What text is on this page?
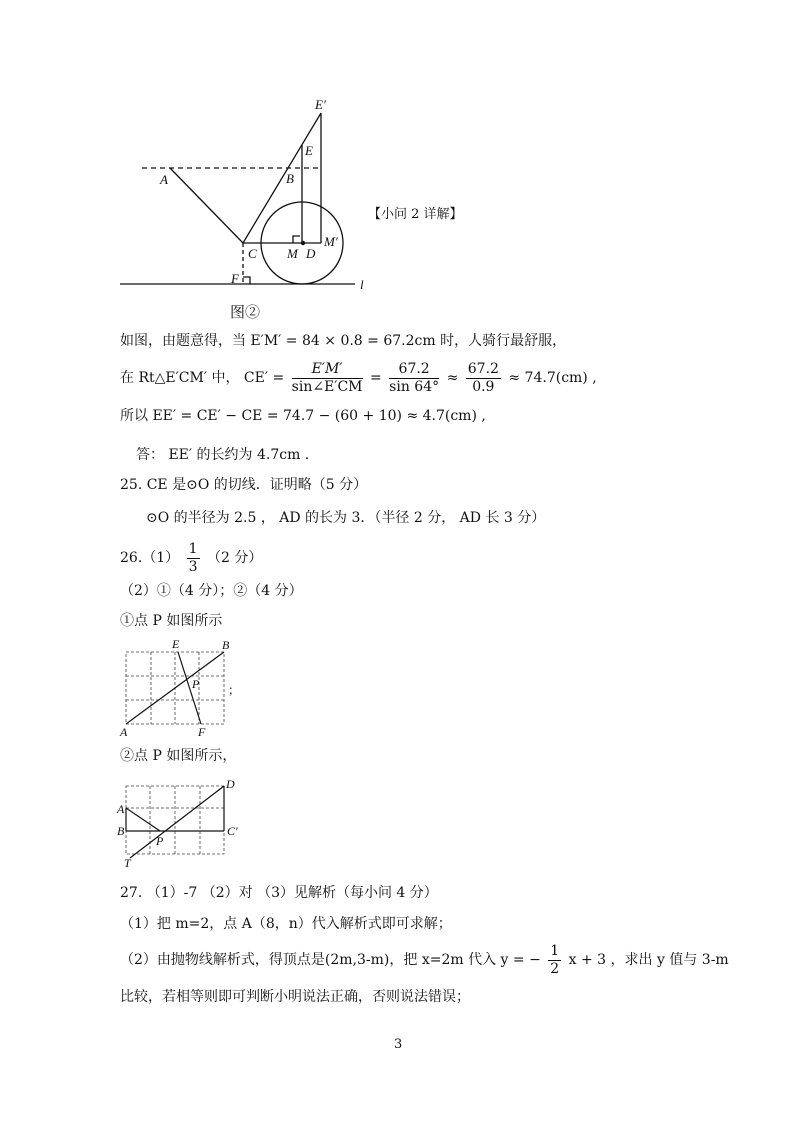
E′
E
B
A
C M D
M′
F	l
【小问 2 详解】
图②
如图，由题意得，当 E′M′ = 84 × 0.8 = 67.2cm 时，人骑行最舒服，
在 Rt△E′CM′ 中， $CE' = \frac{E'M'}{\sin\angle E'CM} = \frac{67.2}{\sin 64^\circ} \approx \frac{67.2}{0.9} \approx 74.7(cm)$ ,
所以 EE′ = CE′ − CE = 74.7 − (60 + 10) ≈ 4.7(cm) ,
答： EE′ 的长约为 4.7cm .
25. CE 是⊙O 的切线．证明略（5 分）
⊙O 的半径为 2.5 ， AD 的长为 3．（半径 2 分， AD 长 3 分）
$26.(1) \frac{1}{3} (2$ 分）
（2）①（4 分）；②（4 分）
①点 P 如图所示
E	B
P
A	F
；
②点 P 如图所示，
D
A
B	C′
P
T
27. （1）-7 （2）对 （3）见解析（每小问 4 分）
（1）把 m=2，点 A（8，n）代入解析式即可求解；
（2）由抛物线解析式，得顶点是(2m,3-m)，把 x=2m 代入 y = − $\frac{1}{2}$ x + 3 ，求出 y 值与 3-m
比较，若相等则即可判断小明说法正确，否则说法错误；
3
